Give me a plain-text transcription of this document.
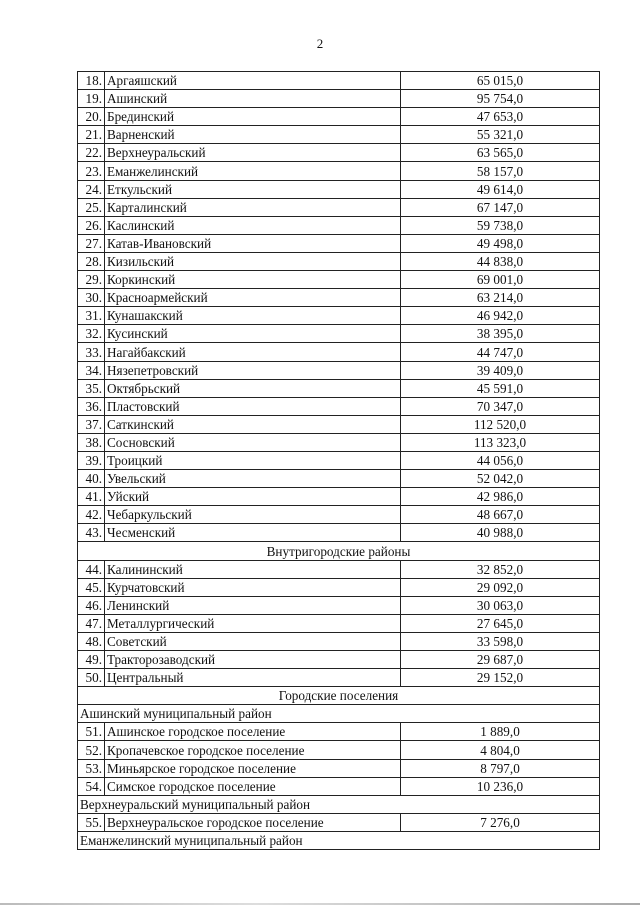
2
18.	Аргаяшский	65 015,0
19.	Ашинский	95 754,0
20.	Брединский	47 653,0
21.	Варненский	55 321,0
22.	Верхнеуральский	63 565,0
23.	Еманжелинский	58 157,0
24.	Еткульский	49 614,0
25.	Карталинский	67 147,0
26.	Каслинский	59 738,0
27.	Катав-Ивановский	49 498,0
28.	Кизильский	44 838,0
29.	Коркинский	69 001,0
30.	Красноармейский	63 214,0
31.	Кунашакский	46 942,0
32.	Кусинский	38 395,0
33.	Нагайбакский	44 747,0
34.	Нязепетровский	39 409,0
35.	Октябрьский	45 591,0
36.	Пластовский	70 347,0
37.	Саткинский	112 520,0
38.	Сосновский	113 323,0
39.	Троицкий	44 056,0
40.	Увельский	52 042,0
41.	Уйский	42 986,0
42.	Чебаркульский	48 667,0
43.	Чесменский	40 988,0
Внутригородские районы		
44.	Калининский	32 852,0
45.	Курчатовский	29 092,0
46.	Ленинский	30 063,0
47.	Металлургический	27 645,0
48.	Советский	33 598,0
49.	Тракторозаводский	29 687,0
50.	Центральный	29 152,0
Городские поселения		
Ашинский муниципальный район		
51.	Ашинское городское поселение	1 889,0
52.	Кропачевское городское поселение	4 804,0
53.	Миньярское городское поселение	8 797,0
54.	Симское городское поселение	10 236,0
Верхнеуральский муниципальный район		
55.	Верхнеуральское городское поселение	7 276,0
Еманжелинский муниципальный район		
